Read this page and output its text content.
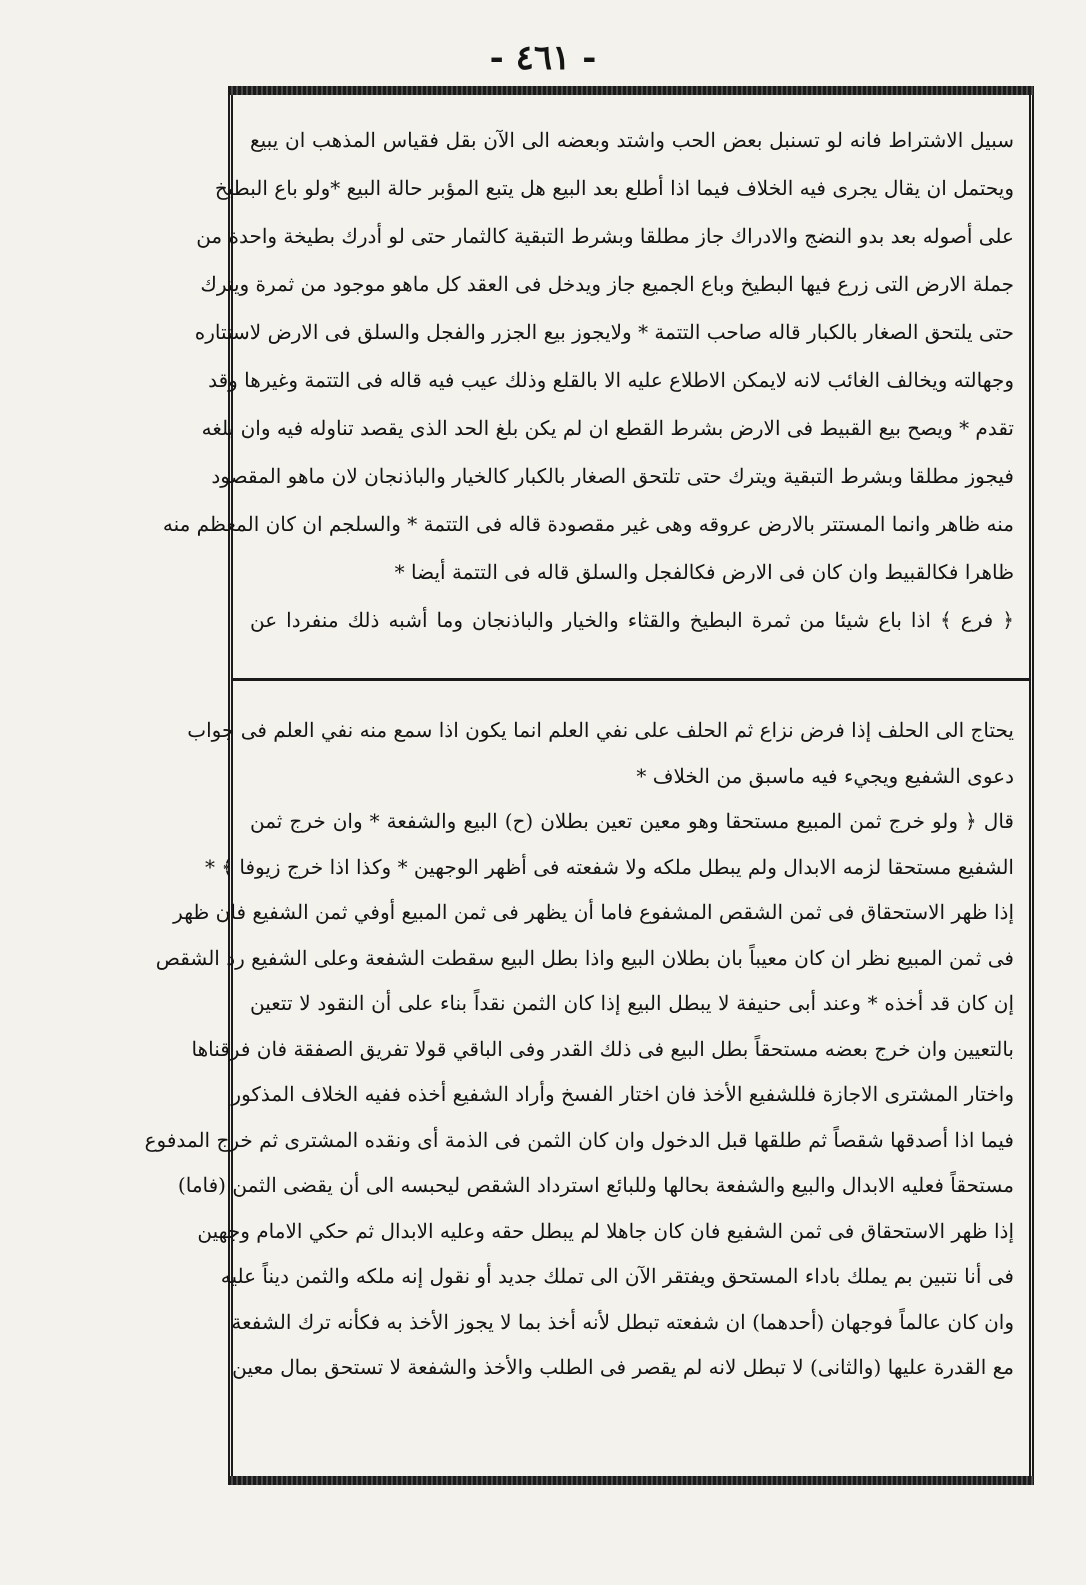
- ٤٦١ -
سبيل الاشتراط فانه لو تسنبل بعض الحب واشتد وبعضه الى الآن بقل فقياس المذهب ان يبيع
ويحتمل ان يقال يجرى فيه الخلاف فيما اذا أطلع بعد البيع هل يتبع المؤبر حالة البيع *ولو باع البطيخ
على أصوله بعد بدو النضج والادراك جاز مطلقا وبشرط التبقية كالثمار حتى لو أدرك بطيخة واحدة من
جملة الارض التى زرع فيها البطيخ وباع الجميع جاز ويدخل فى العقد كل ماهو موجود من ثمرة ويترك
حتى يلتحق الصغار بالكبار قاله صاحب التتمة * ولايجوز بيع الجزر والفجل والسلق فى الارض لاستتاره
وجهالته ويخالف الغائب لانه لايمكن الاطلاع عليه الا بالقلع وذلك عيب فيه قاله فى التتمة وغيرها وقد
تقدم * ويصح بيع القبيط فى الارض بشرط القطع ان لم يكن بلغ الحد الذى يقصد تناوله فيه وان بلغه
فيجوز مطلقا وبشرط التبقية ويترك حتى تلتحق الصغار بالكبار كالخيار والباذنجان لان ماهو المقصود
منه ظاهر وانما المستتر بالارض عروقه وهى غير مقصودة قاله فى التتمة * والسلجم ان كان المعظم منه
ظاهرا فكالقبيط وان كان فى الارض فكالفجل والسلق قاله فى التتمة أيضا *
﴿ فرع ﴾ اذا باع شيئا من ثمرة البطيخ والقثاء والخيار والباذنجان وما أشبه ذلك منفردا عن
يحتاج الى الحلف إذا فرض نزاع ثم الحلف على نفي العلم انما يكون اذا سمع منه نفي العلم فى جواب
دعوى الشفيع ويجيء فيه ماسبق من الخلاف *
قال ﴿ ولو خرج ثمن المبيع مستحقا وهو معين تعين بطلان (ح) البيع والشفعة * وان خرج ثمن
الشفيع مستحقا لزمه الابدال ولم يبطل ملكه ولا شفعته فى أظهر الوجهين * وكذا اذا خرج زيوفا ﴾ *
إذا ظهر الاستحقاق فى ثمن الشقص المشفوع فاما أن يظهر فى ثمن المبيع أوفي ثمن الشفيع فان ظهر
فى ثمن المبيع نظر ان كان معيباً بان بطلان البيع واذا بطل البيع سقطت الشفعة وعلى الشفيع رد الشقص
إن كان قد أخذه * وعند أبى حنيفة لا يبطل البيع إذا كان الثمن نقداً بناء على أن النقود لا تتعين
بالتعيين وان خرج بعضه مستحقاً بطل البيع فى ذلك القدر وفى الباقي قولا تفريق الصفقة فان فرقناها
واختار المشترى الاجازة فللشفيع الأخذ فان اختار الفسخ وأراد الشفيع أخذه ففيه الخلاف المذكور
فيما اذا أصدقها شقصاً ثم طلقها قبل الدخول وان كان الثمن فى الذمة أى ونقده المشترى ثم خرج المدفوع
مستحقاً فعليه الابدال والبيع والشفعة بحالها وللبائع استرداد الشقص ليحبسه الى أن يقضى الثمن (فاما)
إذا ظهر الاستحقاق فى ثمن الشفيع فان كان جاهلا لم يبطل حقه وعليه الابدال ثم حكي الامام وجهين
فى أنا نتبين بم يملك باداء المستحق ويفتقر الآن الى تملك جديد أو نقول إنه ملكه والثمن ديناً عليه
وان كان عالماً فوجهان (أحدهما) ان شفعته تبطل لأنه أخذ بما لا يجوز الأخذ به فكأنه ترك الشفعة
مع القدرة عليها (والثانى) لا تبطل لانه لم يقصر فى الطلب والأخذ والشفعة لا تستحق بمال معين
